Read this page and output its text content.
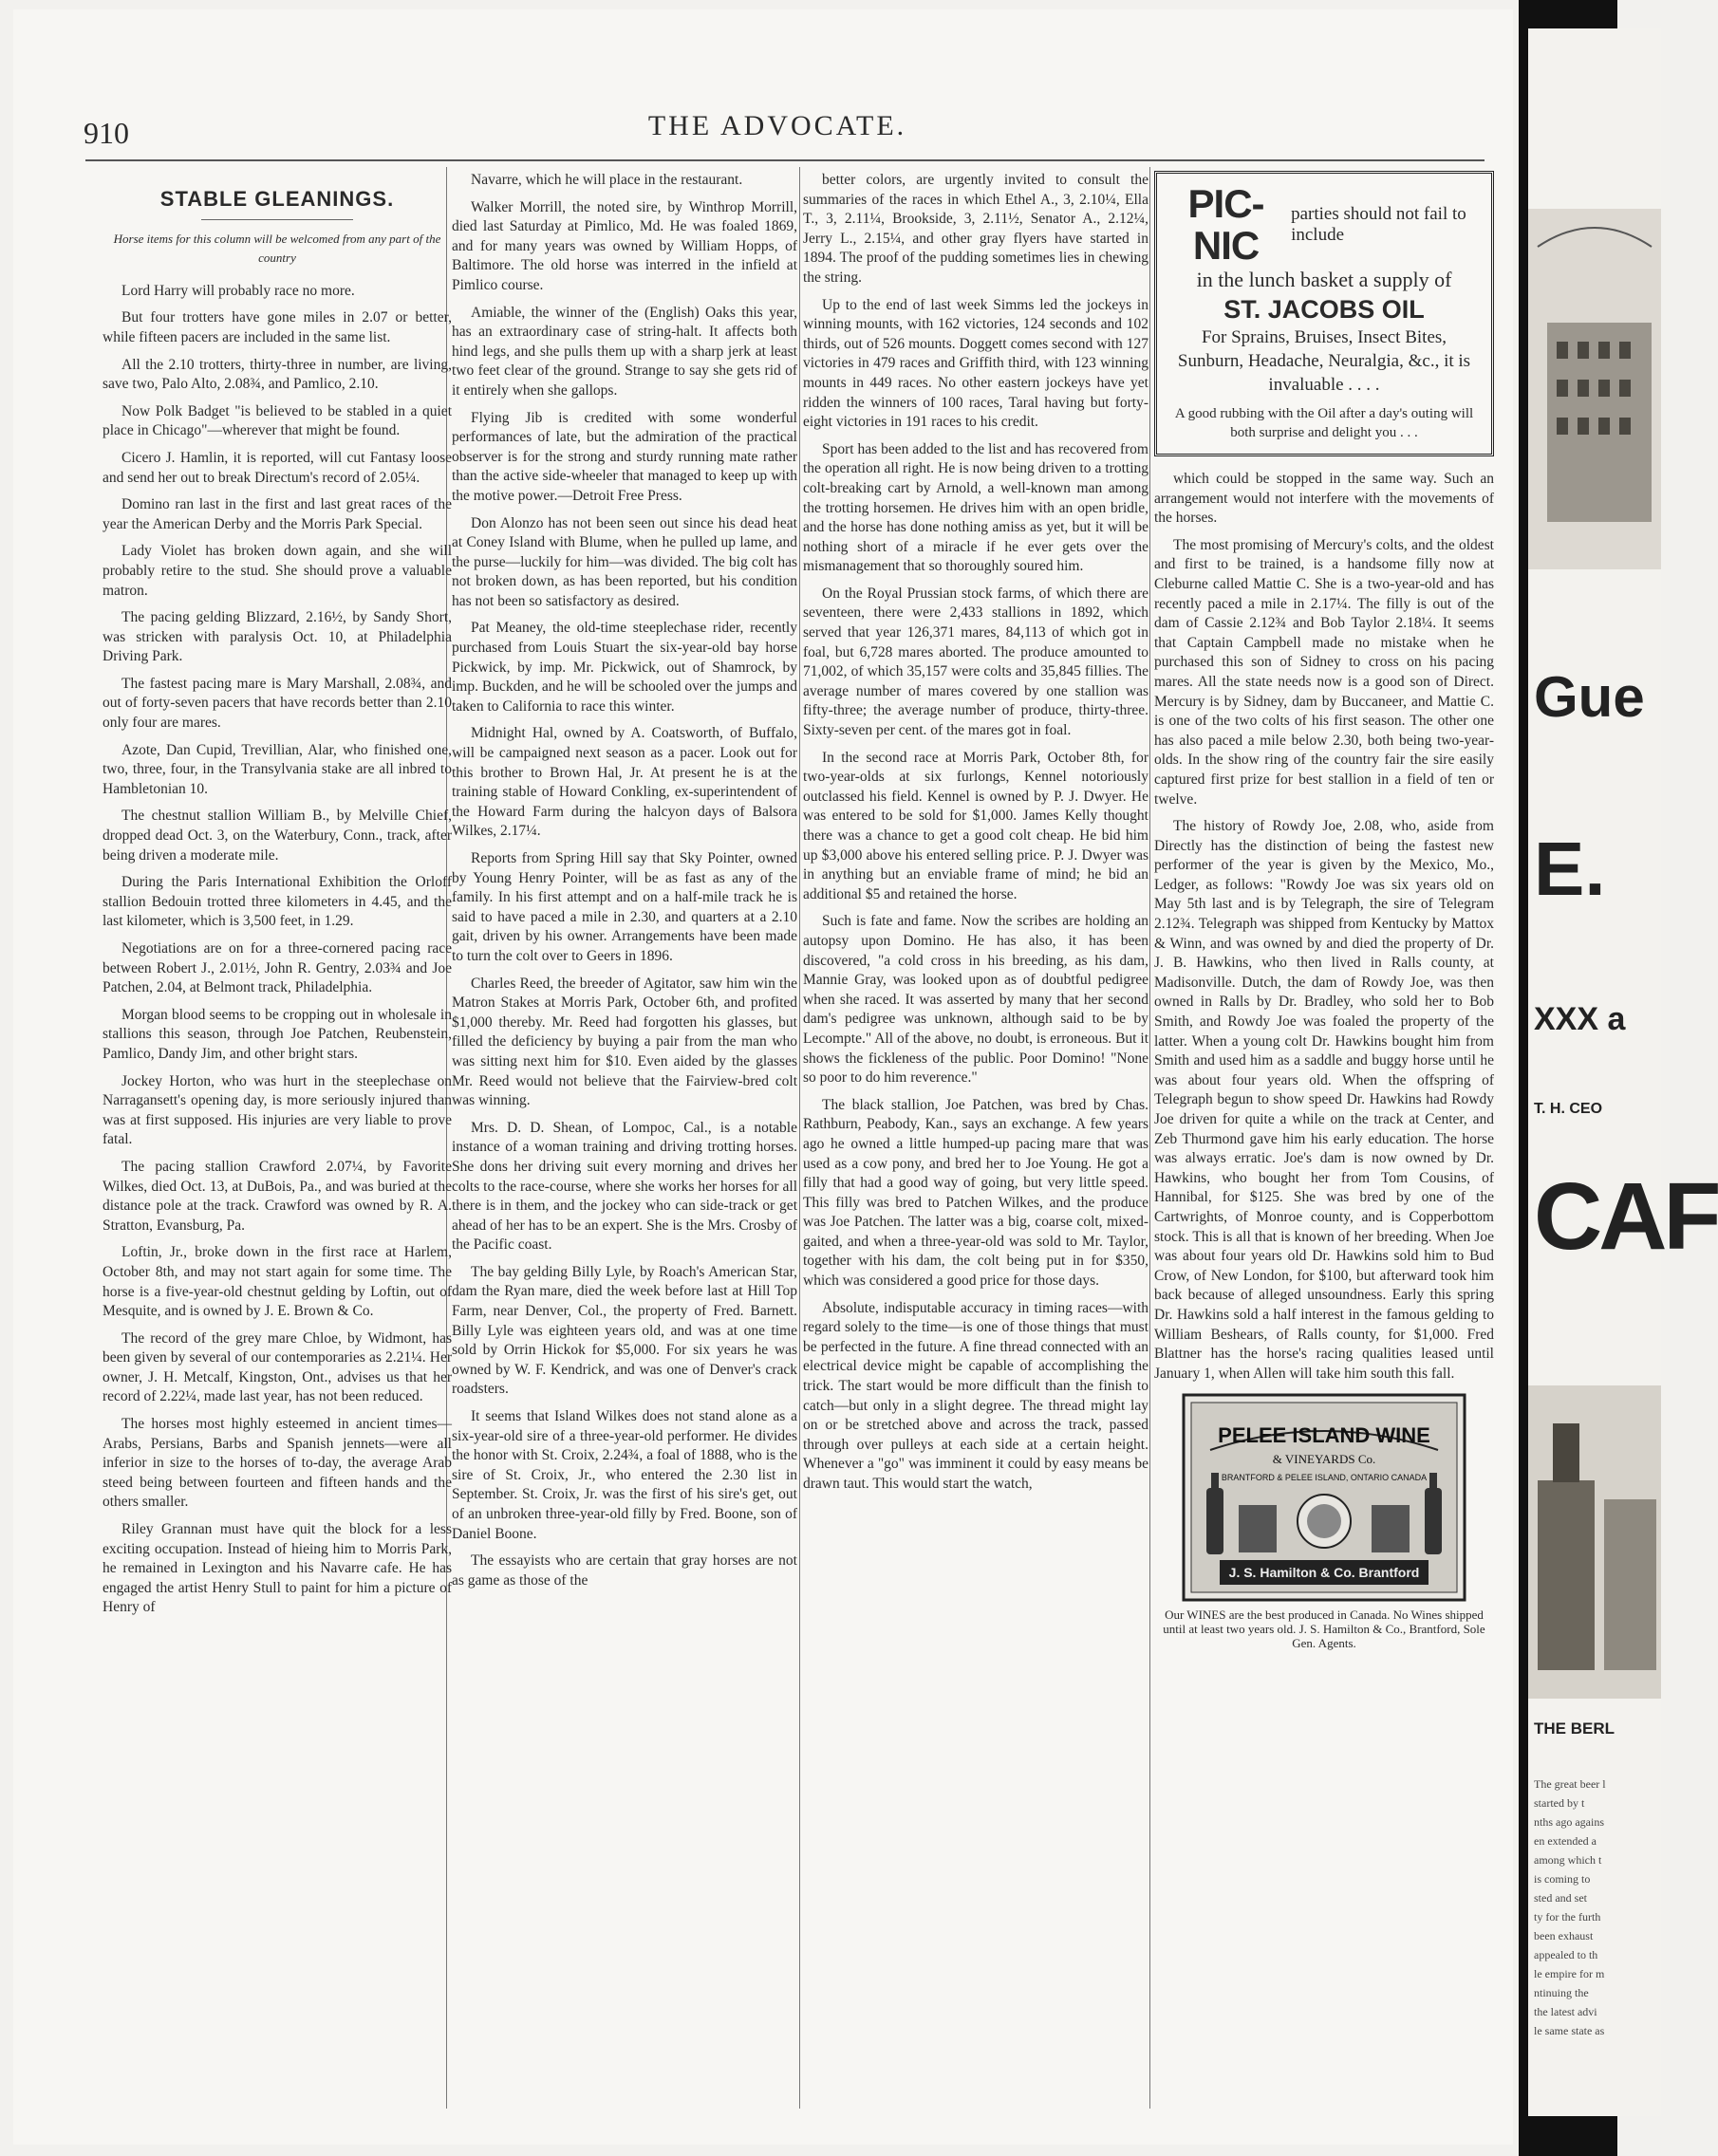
910	THE ADVOCATE.
STABLE GLEANINGS.
Horse items for this column will be welcomed from any part of the country

Lord Harry will probably race no more.

But four trotters have gone miles in 2.07 or better, while fifteen pacers are included in the same list.

All the 2.10 trotters, thirty-three in number, are living, save two, Palo Alto, 2.08¾, and Pamlico, 2.10.

Now Polk Badget "is believed to be stabled in a quiet place in Chicago"—wherever that might be found.

Cicero J. Hamlin, it is reported, will cut Fantasy loose and send her out to break Directum's record of 2.05¼.

Domino ran last in the first and last great races of the year the American Derby and the Morris Park Special.

Lady Violet has broken down again, and she will probably retire to the stud. She should prove a valuable matron.

The pacing gelding Blizzard, 2.16½, by Sandy Short, was stricken with paralysis Oct. 10, at Philadelphia Driving Park.

The fastest pacing mare is Mary Marshall, 2.08¾, and out of forty-seven pacers that have records better than 2.10 only four are mares.

Azote, Dan Cupid, Trevillian, Alar, who finished one, two, three, four, in the Transylvania stake are all inbred to Hambletonian 10.

The chestnut stallion William B., by Melville Chief, dropped dead Oct. 3, on the Waterbury, Conn., track, after being driven a moderate mile.

During the Paris International Exhibition the Orloff stallion Bedouin trotted three kilometers in 4.45, and the last kilometer, which is 3,500 feet, in 1.29.

Negotiations are on for a three-cornered pacing race between Robert J., 2.01½, John R. Gentry, 2.03¾ and Joe Patchen, 2.04, at Belmont track, Philadelphia.

Morgan blood seems to be cropping out in wholesale in stallions this season, through Joe Patchen, Reubenstein, Pamlico, Dandy Jim, and other bright stars.

Jockey Horton, who was hurt in the steeplechase on Narragansett's opening day, is more seriously injured than was at first supposed. His injuries are very liable to prove fatal.

The pacing stallion Crawford 2.07¼, by Favorite Wilkes, died Oct. 13, at DuBois, Pa., and was buried at the distance pole at the track. Crawford was owned by R. A. Stratton, Evansburg, Pa.

Loftin, Jr., broke down in the first race at Harlem, October 8th, and may not start again for some time. The horse is a five-year-old chestnut gelding by Loftin, out of Mesquite, and is owned by J. E. Brown & Co.

The record of the grey mare Chloe, by Widmont, has been given by several of our contemporaries as 2.21¼. Her owner, J. H. Metcalf, Kingston, Ont., advises us that her record of 2.22¼, made last year, has not been reduced.

The horses most highly esteemed in ancient times—Arabs, Persians, Barbs and Spanish jennets—were all inferior in size to the horses of to-day, the average Arab steed being between fourteen and fifteen hands and the others smaller.

Riley Grannan must have quit the block for a less exciting occupation. Instead of hieing him to Morris Park, he remained in Lexington and his Navarre cafe. He has engaged the artist Henry Stull to paint for him a picture of Henry of

Navarre, which he will place in the restaurant.

Walker Morrill, the noted sire, by Winthrop Morrill, died last Saturday at Pimlico, Md. He was foaled 1869, and for many years was owned by William Hopps, of Baltimore. The old horse was interred in the infield at Pimlico course.

Amiable, the winner of the (English) Oaks this year, has an extraordinary case of string-halt. It affects both hind legs, and she pulls them up with a sharp jerk at least two feet clear of the ground. Strange to say she gets rid of it entirely when she gallops.

Flying Jib is credited with some wonderful performances of late, but the admiration of the practical observer is for the strong and sturdy running mate rather than the active side-wheeler that managed to keep up with the motive power.—Detroit Free Press.

Don Alonzo has not been seen out since his dead heat at Coney Island with Blume, when he pulled up lame, and the purse—luckily for him—was divided. The big colt has not broken down, as has been reported, but his condition has not been so satisfactory as desired.

Pat Meaney, the old-time steeplechase rider, recently purchased from Louis Stuart the six-year-old bay horse Pickwick, by imp. Mr. Pickwick, out of Shamrock, by imp. Buckden, and he will be schooled over the jumps and taken to California to race this winter.

Midnight Hal, owned by A. Coatsworth, of Buffalo, will be campaigned next season as a pacer. Look out for this brother to Brown Hal, Jr. At present he is at the training stable of Howard Conkling, ex-superintendent of the Howard Farm during the halcyon days of Balsora Wilkes, 2.17¼.

Reports from Spring Hill say that Sky Pointer, owned by Young Henry Pointer, will be as fast as any of the family. In his first attempt and on a half-mile track he is said to have paced a mile in 2.30, and quarters at a 2.10 gait, driven by his owner. Arrangements have been made to turn the colt over to Geers in 1896.

Charles Reed, the breeder of Agitator, saw him win the Matron Stakes at Morris Park, October 6th, and profited $1,000 thereby. Mr. Reed had forgotten his glasses, but filled the deficiency by buying a pair from the man who was sitting next him for $10. Even aided by the glasses Mr. Reed would not believe that the Fairview-bred colt was winning.

Mrs. D. D. Shean, of Lompoc, Cal., is a notable instance of a woman training and driving trotting horses. She dons her driving suit every morning and drives her colts to the race-course, where she works her horses for all there is in them, and the jockey who can side-track or get ahead of her has to be an expert. She is the Mrs. Crosby of the Pacific coast.

The bay gelding Billy Lyle, by Roach's American Star, dam the Ryan mare, died the week before last at Hill Top Farm, near Denver, Col., the property of Fred. Barnett. Billy Lyle was eighteen years old, and was at one time sold by Orrin Hickok for $5,000. For six years he was owned by W. F. Kendrick, and was one of Denver's crack roadsters.

It seems that Island Wilkes does not stand alone as a six-year-old sire of a three-year-old performer. He divides the honor with St. Croix, 2.24¾, a foal of 1888, who is the sire of St. Croix, Jr., who entered the 2.30 list in September. St. Croix, Jr. was the first of his sire's get, out of an unbroken three-year-old filly by Fred. Boone, son of Daniel Boone.

The essayists who are certain that gray horses are not as game as those of the

better colors, are urgently invited to consult the summaries of the races in which Ethel A., 3, 2.10¼, Ella T., 3, 2.11¼, Brookside, 3, 2.11½, Senator A., 2.12¼, Jerry L., 2.15¼, and other gray flyers have started in 1894. The proof of the pudding sometimes lies in chewing the string.

Up to the end of last week Simms led the jockeys in winning mounts, with 162 victories, 124 seconds and 102 thirds, out of 526 mounts. Doggett comes second with 127 victories in 479 races and Griffith third, with 123 winning mounts in 449 races. No other eastern jockeys have yet ridden the winners of 100 races, Taral having but forty-eight victories in 191 races to his credit.

Sport has been added to the list and has recovered from the operation all right. He is now being driven to a trotting colt-breaking cart by Arnold, a well-known man among the trotting horsemen. He drives him with an open bridle, and the horse has done nothing amiss as yet, but it will be nothing short of a miracle if he ever gets over the mismanagement that so thoroughly soured him.

On the Royal Prussian stock farms, of which there are seventeen, there were 2,433 stallions in 1892, which served that year 126,371 mares, 84,113 of which got in foal, but 6,728 mares aborted. The produce amounted to 71,002, of which 35,157 were colts and 35,845 fillies. The average number of mares covered by one stallion was fifty-three; the average number of produce, thirty-three. Sixty-seven per cent. of the mares got in foal.

In the second race at Morris Park, October 8th, for two-year-olds at six furlongs, Kennel notoriously outclassed his field. Kennel is owned by P. J. Dwyer. He was entered to be sold for $1,000. James Kelly thought there was a chance to get a good colt cheap. He bid him up $3,000 above his entered selling price. P. J. Dwyer was in anything but an enviable frame of mind; he bid an additional $5 and retained the horse.

Such is fate and fame. Now the scribes are holding an autopsy upon Domino. He has also, it has been discovered, "a cold cross in his breeding, as his dam, Mannie Gray, was looked upon as of doubtful pedigree when she raced. It was asserted by many that her second dam's pedigree was unknown, although said to be by Lecompte." All of the above, no doubt, is erroneous. But it shows the fickleness of the public. Poor Domino! "None so poor to do him reverence."

The black stallion, Joe Patchen, was bred by Chas. Rathburn, Peabody, Kan., says an exchange. A few years ago he owned a little humped-up pacing mare that was used as a cow pony, and bred her to Joe Young. He got a filly that had a good way of going, but very little speed. This filly was bred to Patchen Wilkes, and the produce was Joe Patchen. The latter was a big, coarse colt, mixed-gaited, and when a three-year-old was sold to Mr. Taylor, together with his dam, the colt being put in for $350, which was considered a good price for those days.

Absolute, indisputable accuracy in timing races—with regard solely to the time—is one of those things that must be perfected in the future. A fine thread connected with an electrical device might be capable of accomplishing the trick. The start would be more difficult than the finish to catch—but only in a slight degree. The thread might lay on or be stretched above and across the track, passed through over pulleys at each side at a certain height. Whenever a "go" was imminent it could by easy means be drawn taut. This would start the watch,

PIC-NIC
parties should not fail to include
in the lunch basket a supply of
ST. JACOBS OIL
For Sprains, Bruises, Insect Bites, Sunburn, Headache, Neuralgia, &c., it is invaluable . . . .
A good rubbing with the Oil after a day's outing will both surprise and delight you . . .

which could be stopped in the same way. Such an arrangement would not interfere with the movements of the horses.

The most promising of Mercury's colts, and the oldest and first to be trained, is a handsome filly now at Cleburne called Mattie C. She is a two-year-old and has recently paced a mile in 2.17¼. The filly is out of the dam of Cassie 2.12¾ and Bob Taylor 2.18¼. It seems that Captain Campbell made no mistake when he purchased this son of Sidney to cross on his pacing mares. All the state needs now is a good son of Direct. Mercury is by Sidney, dam by Buccaneer, and Mattie C. is one of the two colts of his first season. The other one has also paced a mile below 2.30, both being two-year-olds. In the show ring of the country fair the sire easily captured first prize for best stallion in a field of ten or twelve.

The history of Rowdy Joe, 2.08, who, aside from Directly has the distinction of being the fastest new performer of the year is given by the Mexico, Mo., Ledger, as follows: "Rowdy Joe was six years old on May 5th last and is by Telegraph, the sire of Telegram 2.12¾. Telegraph was shipped from Kentucky by Mattox & Winn, and was owned by and died the property of Dr. J. B. Hawkins, who then lived in Ralls county, at Madisonville. Dutch, the dam of Rowdy Joe, was then owned in Ralls by Dr. Bradley, who sold her to Bob Smith, and Rowdy Joe was foaled the property of the latter. When a young colt Dr. Hawkins bought him from Smith and used him as a saddle and buggy horse until he was about four years old. When the offspring of Telegraph begun to show speed Dr. Hawkins had Rowdy Joe driven for quite a while on the track at Center, and Zeb Thurmond gave him his early education. The horse was always erratic. Joe's dam is now owned by Dr. Hawkins, who bought her from Tom Cousins, of Hannibal, for $125. She was bred by one of the Cartwrights, of Monroe county, and is Copperbottom stock. This is all that is known of her breeding. When Joe was about four years old Dr. Hawkins sold him to Bud Crow, of New London, for $100, but afterward took him back because of alleged unsoundness. Early this spring Dr. Hawkins sold a half interest in the famous gelding to William Beshears, of Ralls county, for $1,000. Fred Blattner has the horse's racing qualities leased until January 1, when Allen will take him south this fall.

PELEE ISLAND WINE
& VINEYARDS Co.
BRANTFORD & PELEE ISLAND, ONTARIO CANADA
J. S. Hamilton & Co. Brantford
Our WINES are the best produced in Canada. No Wines shipped until at least two years old. J. S. Hamilton & Co., Brantford, Sole Gen. Agents.
Gue
E.
XXX a
T. H. CEO
CAF
THE BERL
The great beer l
started by t
nths ago agains
en extended a
among which t
is coming to
sted and set
ty for the furth
been exhaust
appealed to th
le empire for m
ntinuing the
the latest advi
le same state as
